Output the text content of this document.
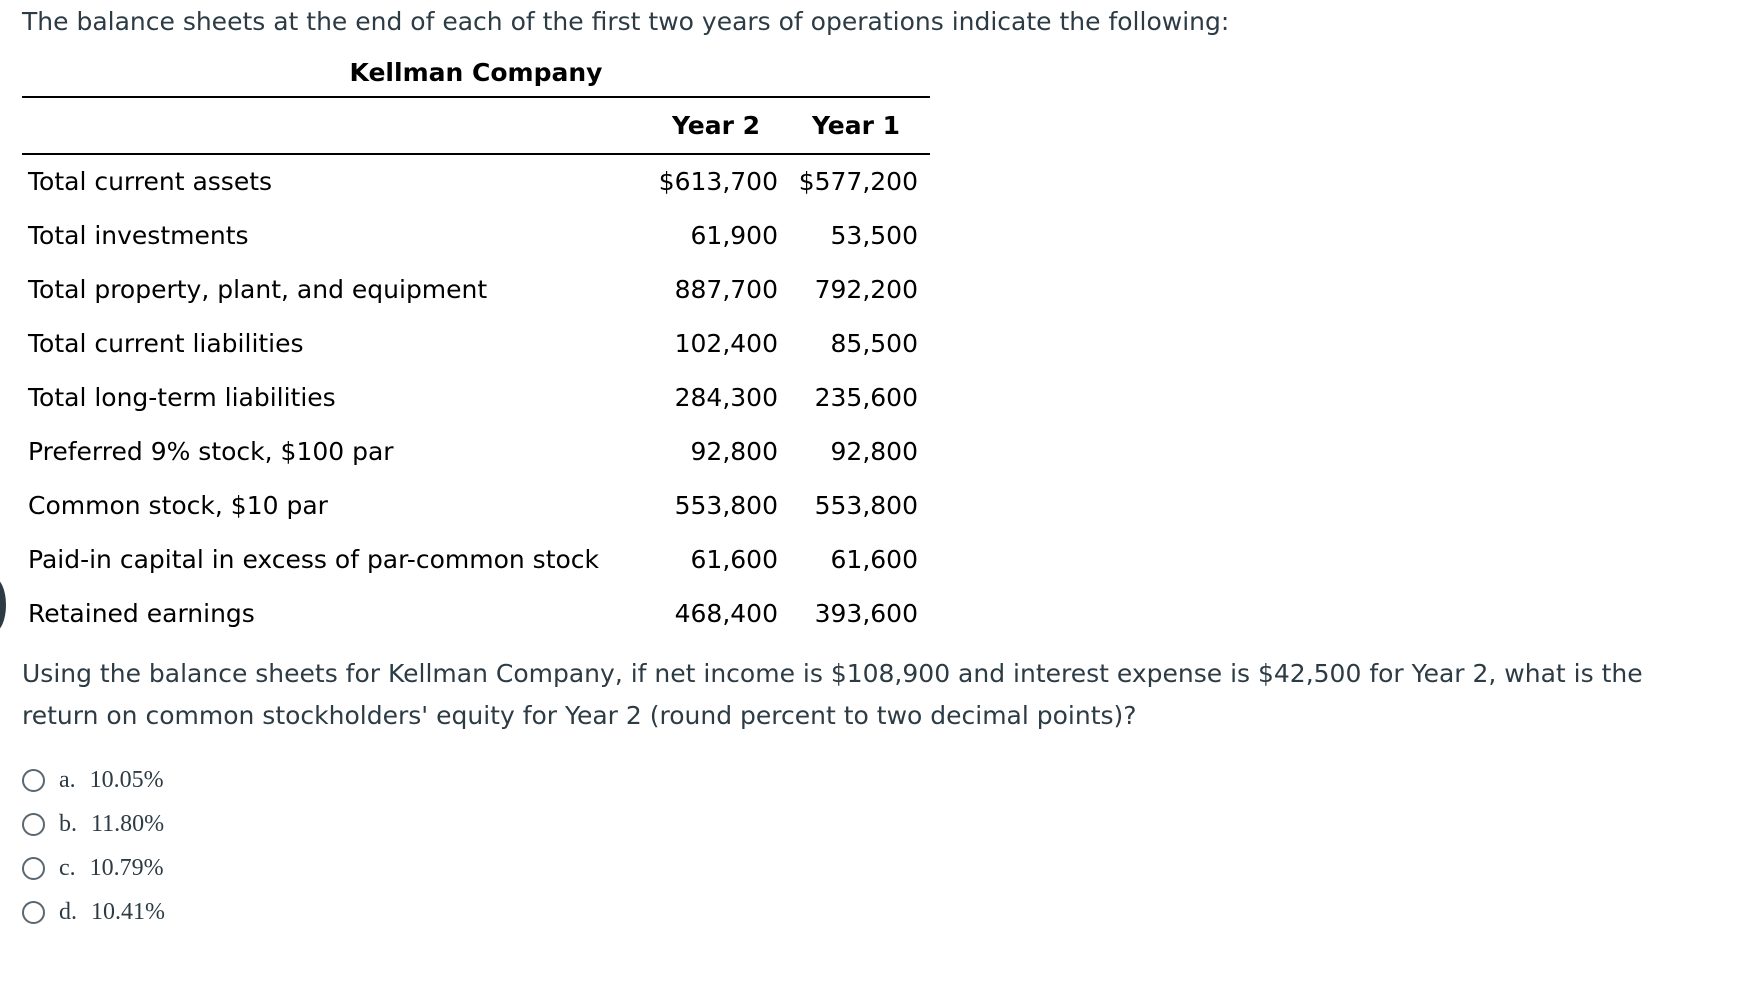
The balance sheets at the end of each of the first two years of operations indicate the following:
Kellman Company
Year 2 Year 1
Total current assets	$613,700 $577,200
Total investments	61,900 53,500
Total property, plant, and equipment	887,700 792,200
Total current liabilities	102,400 85,500
Total long-term liabilities	284,300 235,600
Preferred 9% stock, $100 par	92,800 92,800
Common stock, $10 par	553,800 553,800
Paid-in capital in excess of par-common stock	61,600 61,600
Retained earnings	468,400 393,600
Using the balance sheets for Kellman Company, if net income is $108,900 and interest expense is $42,500 for Year 2, what is the return on common stockholders' equity for Year 2 (round percent to two decimal points)?
a. 10.05%
b. 11.80%
c. 10.79%
d. 10.41%
